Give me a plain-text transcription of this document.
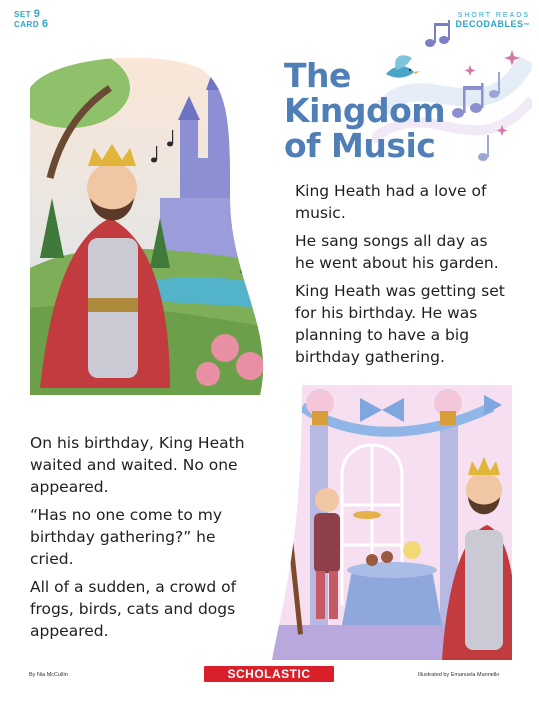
SET 9
CARD 6
SHORT READS
DECODABLES™
The
Kingdom
of Music

King Heath had a love of music.

He sang songs all day as he went about his garden.

King Heath was getting set for his birthday. He was planning to have a big birthday gathering.

On his birthday, King Heath waited and waited. No one appeared.

“Has no one come to my birthday gathering?” he cried.

All of a sudden, a crowd of frogs, birds, cats and dogs appeared.

By Nia McCullin	SCHOLASTIC	Illustrated by Emanuela Mannello
